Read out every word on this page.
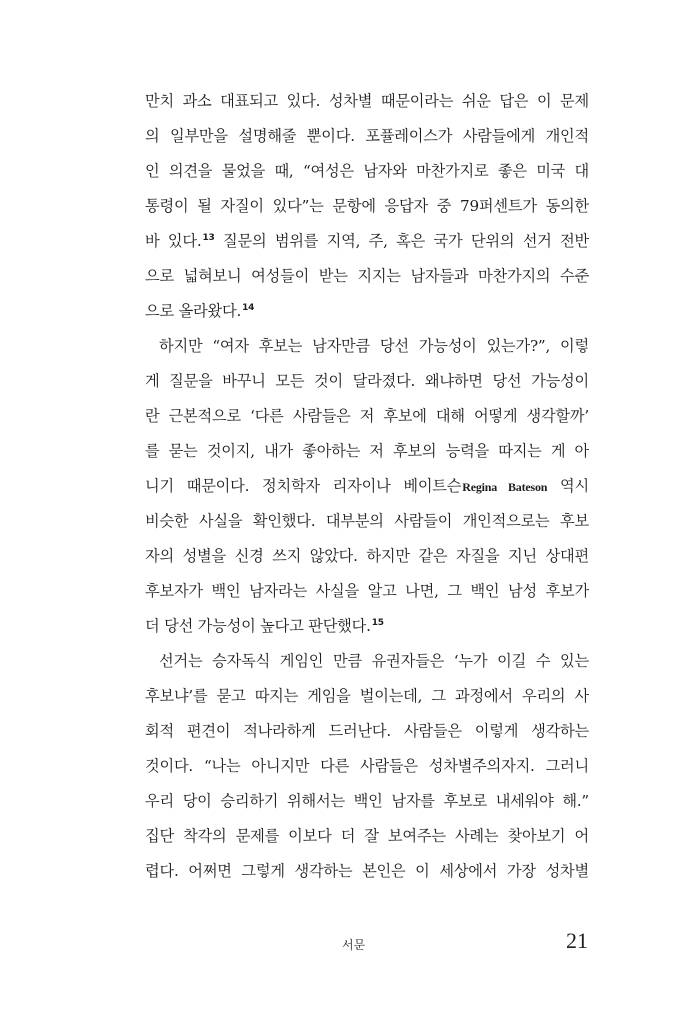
만치 과소 대표되고 있다. 성차별 때문이라는 쉬운 답은 이 문제
의 일부만을 설명해줄 뿐이다. 포퓰레이스가 사람들에게 개인적
인 의견을 물었을 때, “여성은 남자와 마찬가지로 좋은 미국 대
통령이 될 자질이 있다”는 문항에 응답자 중 79퍼센트가 동의한
바 있다.$^{13}$ 질문의 범위를 지역, 주, 혹은 국가 단위의 선거 전반
으로 넓혀보니 여성들이 받는 지지는 남자들과 마찬가지의 수준
으로 올라왔다.$^{14}$
하지만 “여자 후보는 남자만큼 당선 가능성이 있는가?”, 이렇
게 질문을 바꾸니 모든 것이 달라졌다. 왜냐하면 당선 가능성이
란 근본적으로 ‘다른 사람들은 저 후보에 대해 어떻게 생각할까’
를 묻는 것이지, 내가 좋아하는 저 후보의 능력을 따지는 게 아
니기 때문이다. 정치학자 리자이나 베이트슨Regina Bateson 역시
비슷한 사실을 확인했다. 대부분의 사람들이 개인적으로는 후보
자의 성별을 신경 쓰지 않았다. 하지만 같은 자질을 지닌 상대편
후보자가 백인 남자라는 사실을 알고 나면, 그 백인 남성 후보가
더 당선 가능성이 높다고 판단했다.$^{15}$
선거는 승자독식 게임인 만큼 유권자들은 ‘누가 이길 수 있는
후보냐’를 묻고 따지는 게임을 벌이는데, 그 과정에서 우리의 사
회적 편견이 적나라하게 드러난다. 사람들은 이렇게 생각하는
것이다. “나는 아니지만 다른 사람들은 성차별주의자지. 그러니
우리 당이 승리하기 위해서는 백인 남자를 후보로 내세워야 해.”
집단 착각의 문제를 이보다 더 잘 보여주는 사례는 찾아보기 어
렵다. 어쩌면 그렇게 생각하는 본인은 이 세상에서 가장 성차별
서문	21
